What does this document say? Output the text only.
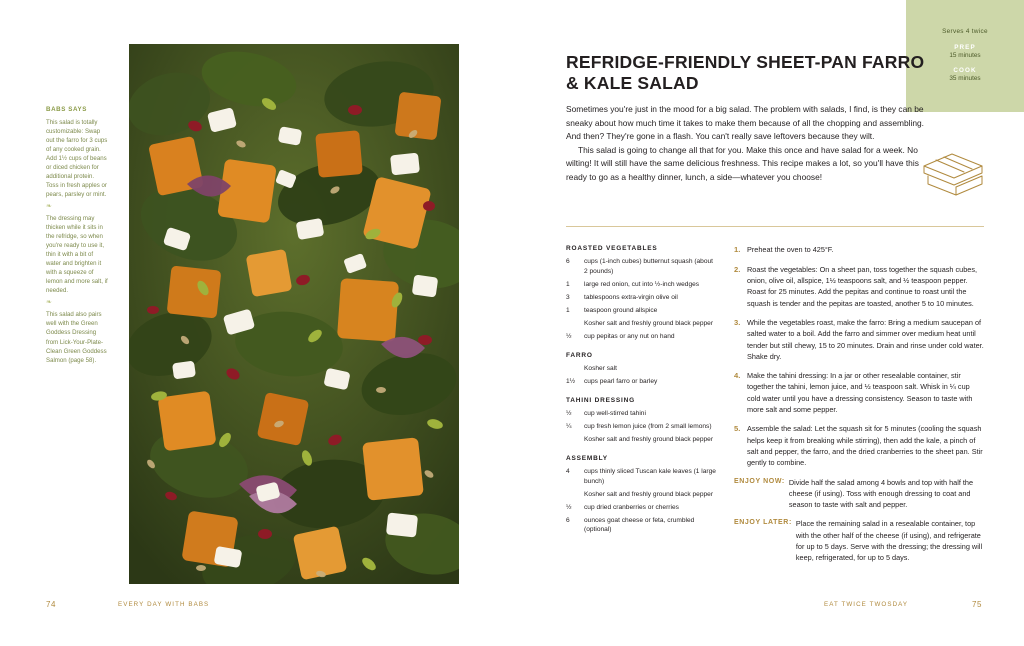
BABS SAYS

This salad is totally customizable: Swap out the farro for 3 cups of any cooked grain. Add 1½ cups of beans or diced chicken for additional protein. Toss in fresh apples or pears, parsley or mint.

❧

The dressing may thicken while it sits in the refridge, so when you're ready to use it, thin it with a bit of water and brighten it with a squeeze of lemon and more salt, if needed.

❧

This salad also pairs well with the Green Goddess Dressing from Lick-Your-Plate-Clean Green Goddess Salmon (page 58).

74	EVERY DAY WITH BABS
Serves 4 twice
PREP
15 minutes
COOK
35 minutes
REFRIDGE-FRIENDLY SHEET-PAN FARRO & KALE SALAD

Sometimes you're just in the mood for a big salad. The problem with salads, I find, is they can be sneaky about how much time it takes to make them because of all the chopping and assembling. And then? They're gone in a flash. You can't really save leftovers because they wilt.

This salad is going to change all that for you. Make this once and have salad for a week. No wilting! It will still have the same delicious freshness. This recipe makes a lot, so you'll have this ready to go as a healthy dinner, lunch, a side—whatever you choose!

ROASTED VEGETABLES
6	cups (1-inch cubes) butternut squash (about 2 pounds)
1	large red onion, cut into ½-inch wedges
3	tablespoons extra-virgin olive oil
1	teaspoon ground allspice
Kosher salt and freshly ground black pepper
½	cup pepitas or any nut on hand
FARRO
Kosher salt
1½	cups pearl farro or barley
TAHINI DRESSING
½	cup well-stirred tahini
¼	cup fresh lemon juice (from 2 small lemons)
Kosher salt and freshly ground black pepper
ASSEMBLY
4	cups thinly sliced Tuscan kale leaves (1 large bunch)
Kosher salt and freshly ground black pepper
½	cup dried cranberries or cherries
6	ounces goat cheese or feta, crumbled (optional)
1. Preheat the oven to 425°F.
2. Roast the vegetables: On a sheet pan, toss together the squash cubes, onion, olive oil, allspice, 1½ teaspoons salt, and ½ teaspoon pepper. Roast for 25 minutes. Add the pepitas and continue to roast until the squash is tender and the pepitas are toasted, another 5 to 10 minutes.
3. While the vegetables roast, make the farro: Bring a medium saucepan of salted water to a boil. Add the farro and simmer over medium heat until tender but still chewy, 15 to 20 minutes. Drain and rinse under cold water. Shake dry.
4. Make the tahini dressing: In a jar or other resealable container, stir together the tahini, lemon juice, and ½ teaspoon salt. Whisk in ¼ cup cold water until you have a dressing consistency. Season to taste with more salt and some pepper.
5. Assemble the salad: Let the squash sit for 5 minutes (cooling the squash helps keep it from breaking while stirring), then add the kale, a pinch of salt and pepper, the farro, and the dried cranberries to the sheet pan. Stir gently to combine.
ENJOY NOW: Divide half the salad among 4 bowls and top with half the cheese (if using). Toss with enough dressing to coat and season to taste with salt and pepper.
ENJOY LATER: Place the remaining salad in a resealable container, top with the other half of the cheese (if using), and refrigerate for up to 5 days. Serve with the dressing; the dressing will keep, refrigerated, for up to 5 days.
EAT TWICE TWOSDAY	75
